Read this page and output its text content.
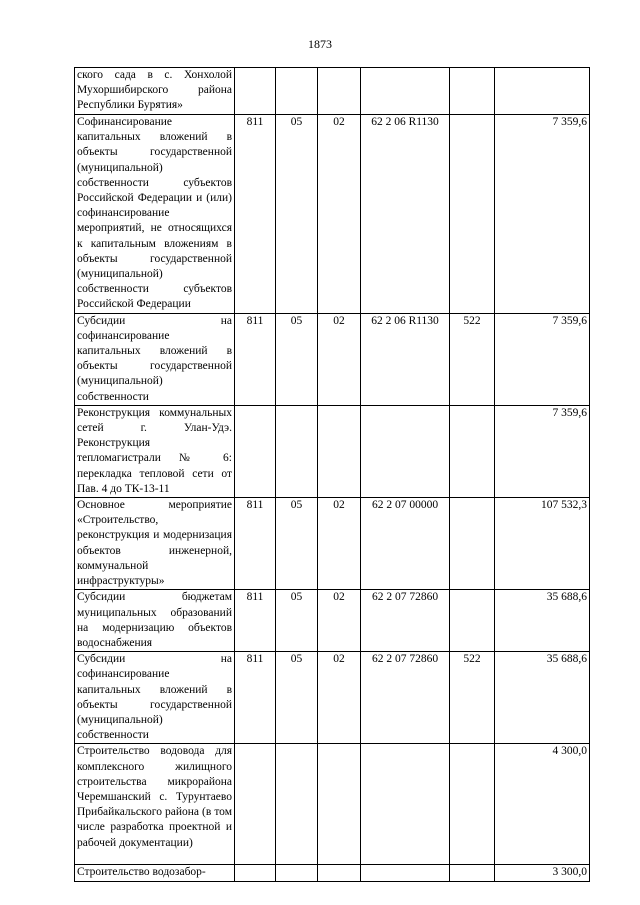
1873
ского сада в с. Хонхолой Мухоршибирского района Республики Бурятия»						
Софинансирование капитальных вложений в объекты государственной (муниципальной) собственности субъектов Российской Федерации и (или) софинансирование мероприятий, не относящихся к капитальным вложениям в объекты государственной (муниципальной) собственности субъектов Российской Федерации	811	05	02	62 2 06 R1130		7 359,6
Субсидии на софинансирование капитальных вложений в объекты государственной (муниципальной) собственности	811	05	02	62 2 06 R1130	522	7 359,6
Реконструкция коммунальных сетей г. Улан-Удэ. Реконструкция тепломагистрали № 6: перекладка тепловой сети от Пав. 4 до ТК-13-11						7 359,6
Основное мероприятие «Строительство, реконструкция и модернизация объектов инженерной, коммунальной инфраструктуры»	811	05	02	62 2 07 00000		107 532,3
Субсидии бюджетам муниципальных образований на модернизацию объектов водоснабжения	811	05	02	62 2 07 72860		35 688,6
Субсидии на софинансирование капитальных вложений в объекты государственной (муниципальной) собственности	811	05	02	62 2 07 72860	522	35 688,6
Строительство водовода для комплексного жилищного строительства микрорайона Черемшанский с. Турунтаево Прибайкальского района (в том числе разработка проектной и рабочей документации)						4 300,0
Строительство водозабор-						3 300,0
